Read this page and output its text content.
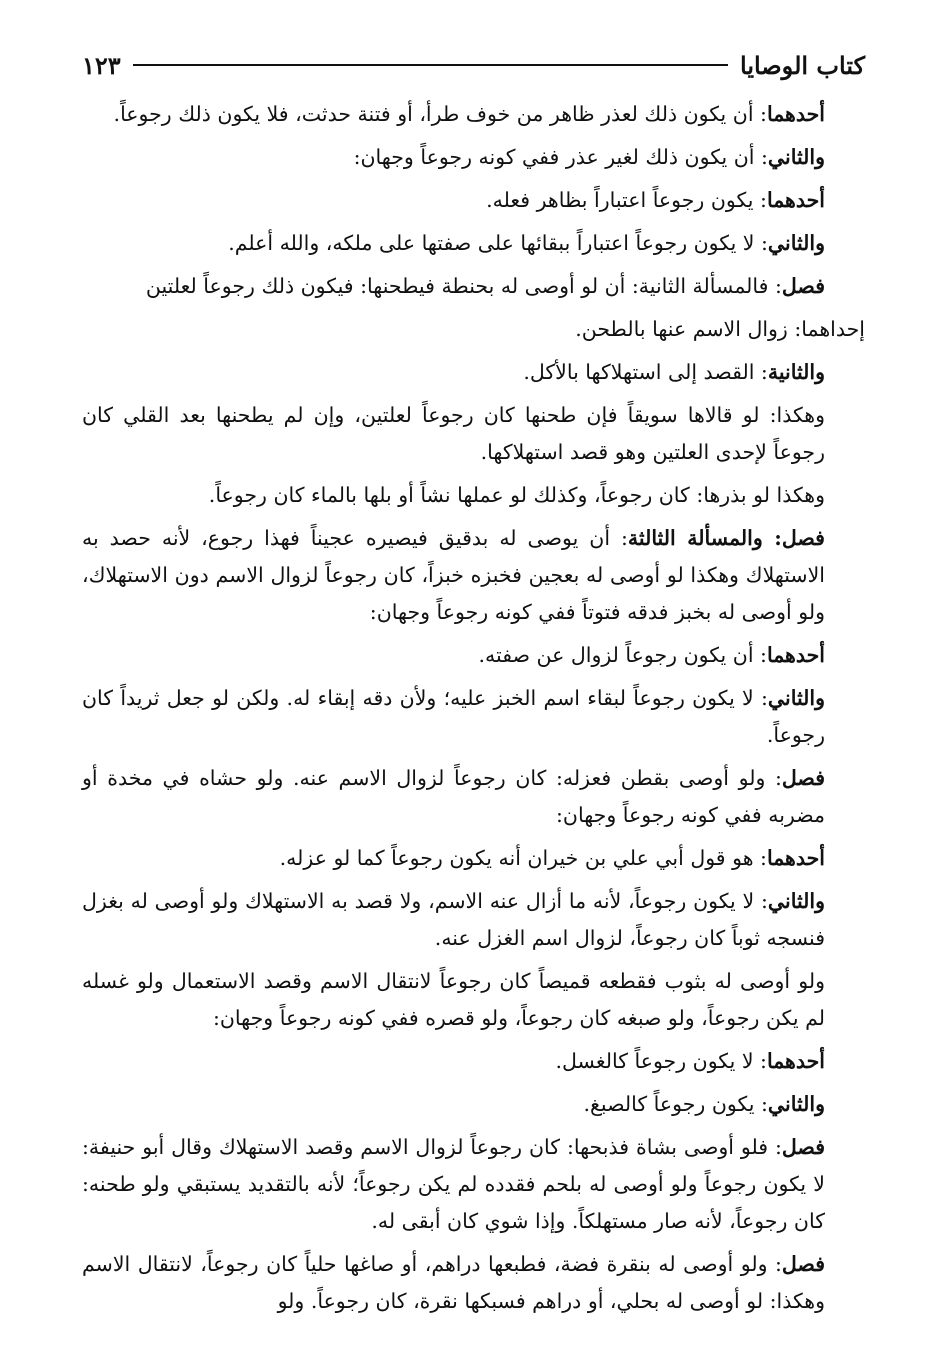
كتاب الوصايا
١٢٣

أحدهما: أن يكون ذلك لعذر ظاهر من خوف طرأ، أو فتنة حدثت، فلا يكون ذلك رجوعاً.

والثاني: أن يكون ذلك لغير عذر ففي كونه رجوعاً وجهان:

أحدهما: يكون رجوعاً اعتباراً بظاهر فعله.

والثاني: لا يكون رجوعاً اعتباراً ببقائها على صفتها على ملكه، والله أعلم.

فصل: فالمسألة الثانية: أن لو أوصى له بحنطة فيطحنها: فيكون ذلك رجوعاً لعلتين

إحداهما: زوال الاسم عنها بالطحن.

والثانية: القصد إلى استهلاكها بالأكل.

وهكذا: لو قالاها سويقاً فإن طحنها كان رجوعاً لعلتين، وإن لم يطحنها بعد القلي كان رجوعاً لإحدى العلتين وهو قصد استهلاكها.

وهكذا لو بذرها: كان رجوعاً، وكذلك لو عملها نشاً أو بلها بالماء كان رجوعاً.

فصل: والمسألة الثالثة: أن يوصى له بدقيق فيصيره عجيناً فهذا رجوع، لأنه حصد به الاستهلاك وهكذا لو أوصى له بعجين فخبزه خبزاً، كان رجوعاً لزوال الاسم دون الاستهلاك، ولو أوصى له بخبز فدقه فتوتاً ففي كونه رجوعاً وجهان:

أحدهما: أن يكون رجوعاً لزوال عن صفته.

والثاني: لا يكون رجوعاً لبقاء اسم الخبز عليه؛ ولأن دقه إبقاء له. ولكن لو جعل ثريداً كان رجوعاً.

فصل: ولو أوصى بقطن فعزله: كان رجوعاً لزوال الاسم عنه. ولو حشاه في مخدة أو مضربه ففي كونه رجوعاً وجهان:

أحدهما: هو قول أبي علي بن خيران أنه يكون رجوعاً كما لو عزله.

والثاني: لا يكون رجوعاً، لأنه ما أزال عنه الاسم، ولا قصد به الاستهلاك ولو أوصى له بغزل فنسجه ثوباً كان رجوعاً، لزوال اسم الغزل عنه.

ولو أوصى له بثوب فقطعه قميصاً كان رجوعاً لانتقال الاسم وقصد الاستعمال ولو غسله لم يكن رجوعاً، ولو صبغه كان رجوعاً، ولو قصره ففي كونه رجوعاً وجهان:

أحدهما: لا يكون رجوعاً كالغسل.

والثاني: يكون رجوعاً كالصبغ.

فصل: فلو أوصى بشاة فذبحها: كان رجوعاً لزوال الاسم وقصد الاستهلاك وقال أبو حنيفة: لا يكون رجوعاً ولو أوصى له بلحم فقدده لم يكن رجوعاً؛ لأنه بالتقديد يستبقي ولو طحنه: كان رجوعاً، لأنه صار مستهلكاً. وإذا شوي كان أبقى له.

فصل: ولو أوصى له بنقرة فضة، فطبعها دراهم، أو صاغها حلياً كان رجوعاً، لانتقال الاسم وهكذا: لو أوصى له بحلي، أو دراهم فسبكها نقرة، كان رجوعاً. ولو
